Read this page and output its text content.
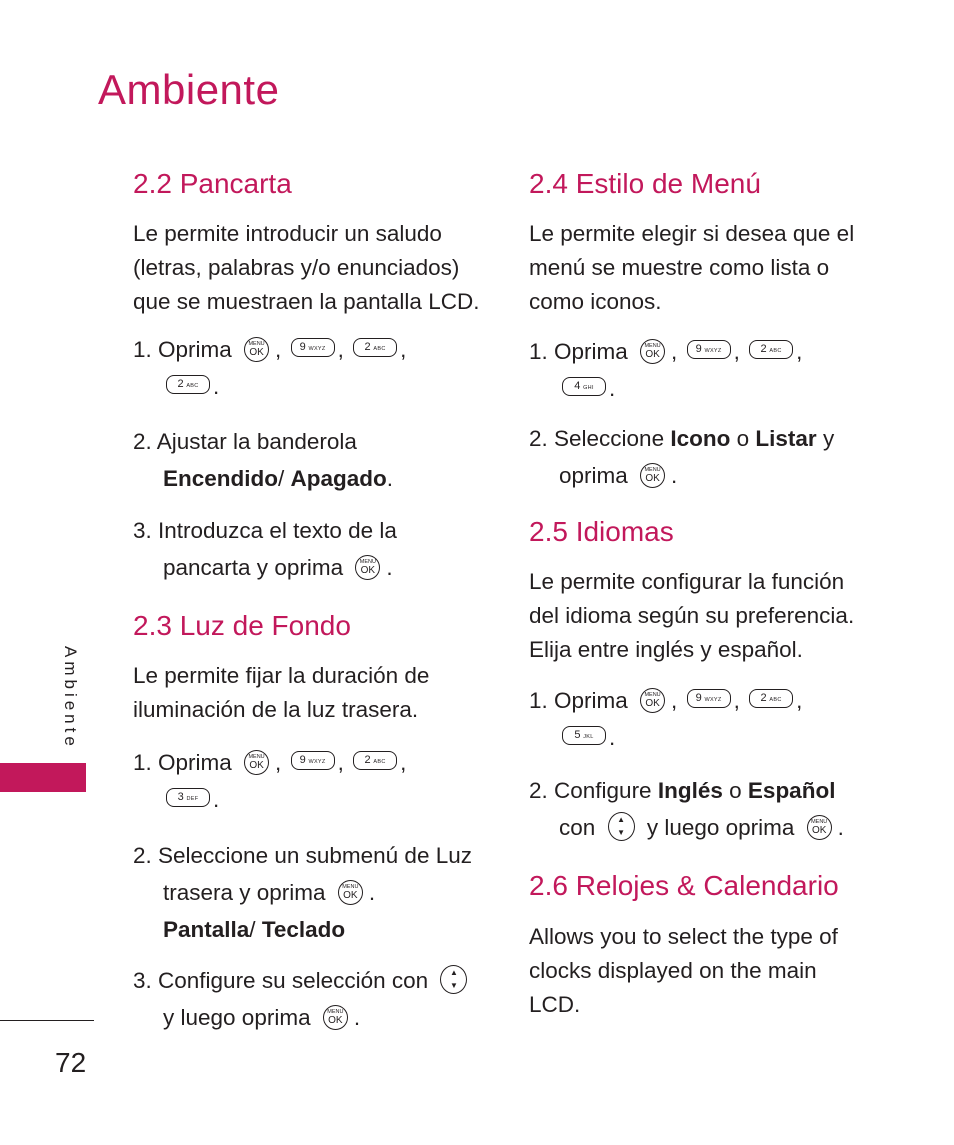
Ambiente
2.2 Pancarta
Le permite introducir un saludo
(letras, palabras y/o enunciados)
que se muestraen la pantalla LCD.
1. Oprima	MENU
OK , 9 WXYZ , 2 ABC ,
2 ABC .
2. Ajustar la banderola
Encendido/ Apagado.
3. Introduzca el texto de la
pancarta y oprima	MENU
OK .
2.3 Luz de Fondo
Le permite fijar la duración de
iluminación de la luz trasera.
1. Oprima	MENU
OK , 9 WXYZ , 2 ABC ,
3 DEF .
2. Seleccione un submenú de Luz
trasera y oprima	MENU
OK .
Pantalla/ Teclado
3. Configure su selección con	▲
▼
y luego oprima	MENU
OK .
2.4 Estilo de Menú
Le permite elegir si desea que el
menú se muestre como lista o
como iconos.
1. Oprima	MENU
OK , 9 WXYZ , 2 ABC ,
4 GHI .
2. Seleccione Icono o Listar y
oprima	MENU
OK .
2.5 Idiomas
Le permite configurar la función
del idioma según su preferencia.
Elija entre inglés y español.
1. Oprima	MENU
OK , 9 WXYZ , 2 ABC ,
5 JKL .
2. Configure Inglés o Español
con	▲
▼ y luego oprima	MENU
OK .
2.6 Relojes & Calendario
Allows you to select the type of
clocks displayed on the main
LCD.
Ambiente
72
